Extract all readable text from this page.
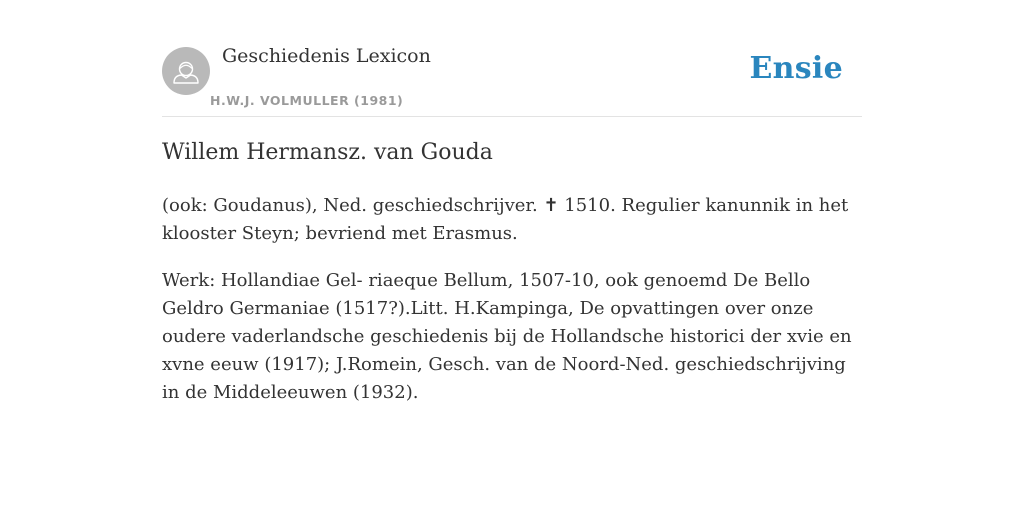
Geschiedenis Lexicon
H.W.J. VOLMULLER (1981)
Ensie
Willem Hermansz. van Gouda

(ook: Goudanus), Ned. geschiedschrijver. ✝ 1510. Regulier kanunnik in het klooster Steyn; bevriend met Erasmus.

Werk: Hollandiae Gel- riaeque Bellum, 1507-10, ook genoemd De Bello Geldro Germaniae (1517?).Litt. H.Kampinga, De opvattingen over onze oudere vaderlandsche geschiedenis bij de Hollandsche historici der xvie en xvne eeuw (1917); J.Romein, Gesch. van de Noord-Ned. geschiedschrijving in de Middeleeuwen (1932).
